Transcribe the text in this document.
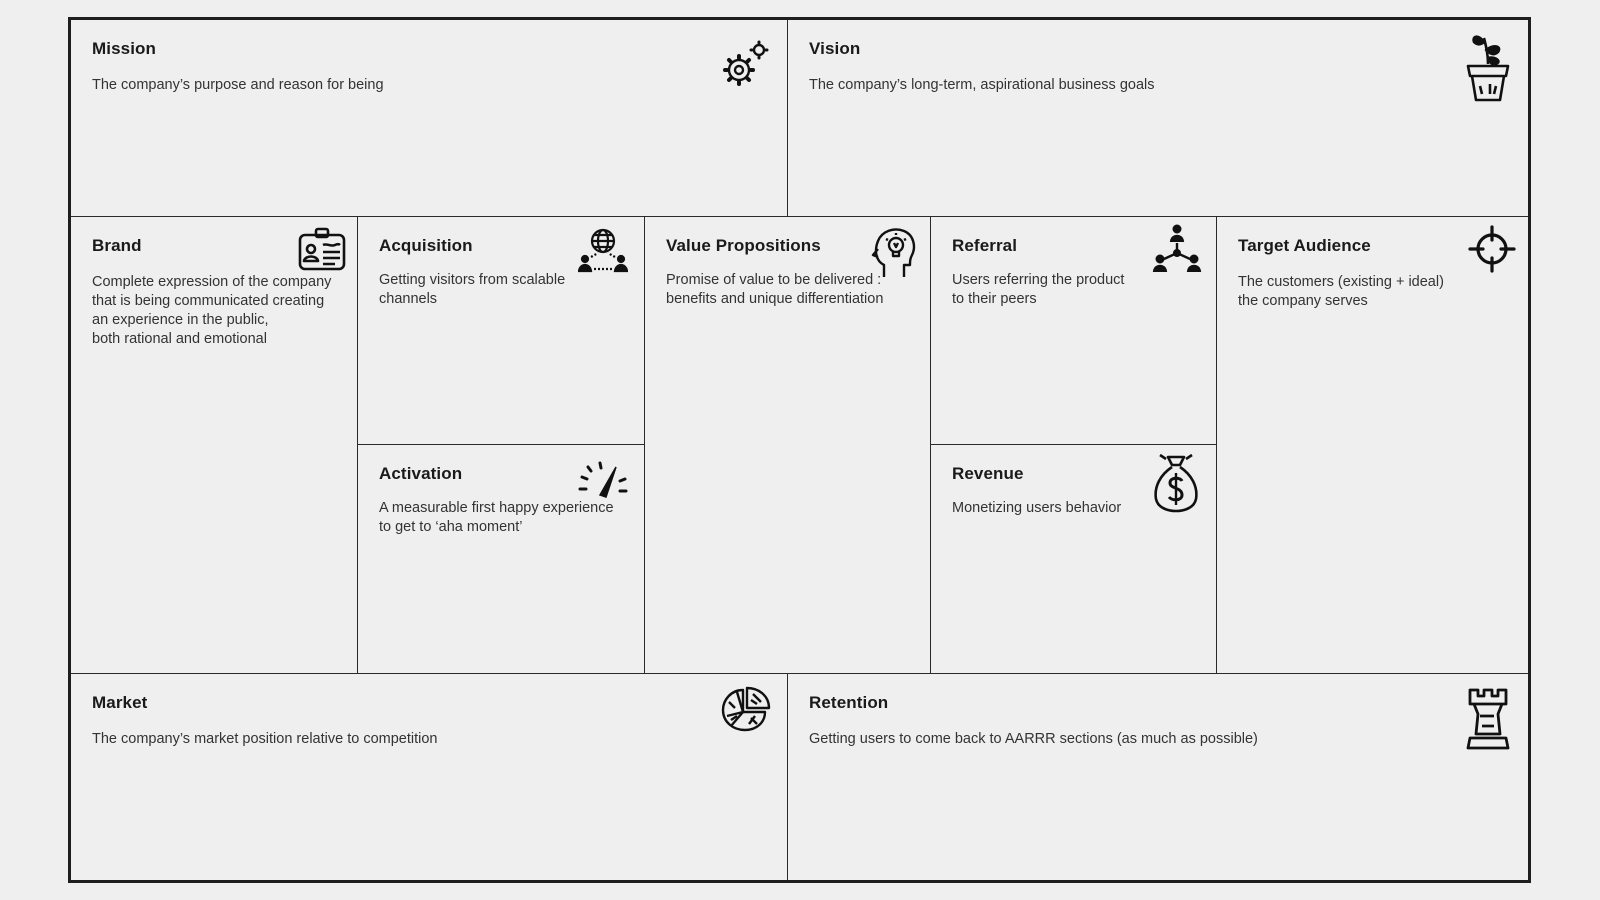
Mission

The company’s purpose and reason for being

Vision

The company’s long-term, aspirational business goals

Brand

Complete expression of the company
that is being communicated creating
an experience in the public,
both rational and emotional

Acquisition

Getting visitors from scalable
channels

Activation

A measurable first happy experience
to get to ‘aha moment’

Value Propositions

Promise of value to be delivered :
benefits and unique differentiation

Referral

Users referring the product
to their peers

Revenue

Monetizing users behavior

Target Audience

The customers (existing + ideal)
the company serves

Market

The company’s market position relative to competition

Retention

Getting users to come back to AARRR sections (as much as possible)
